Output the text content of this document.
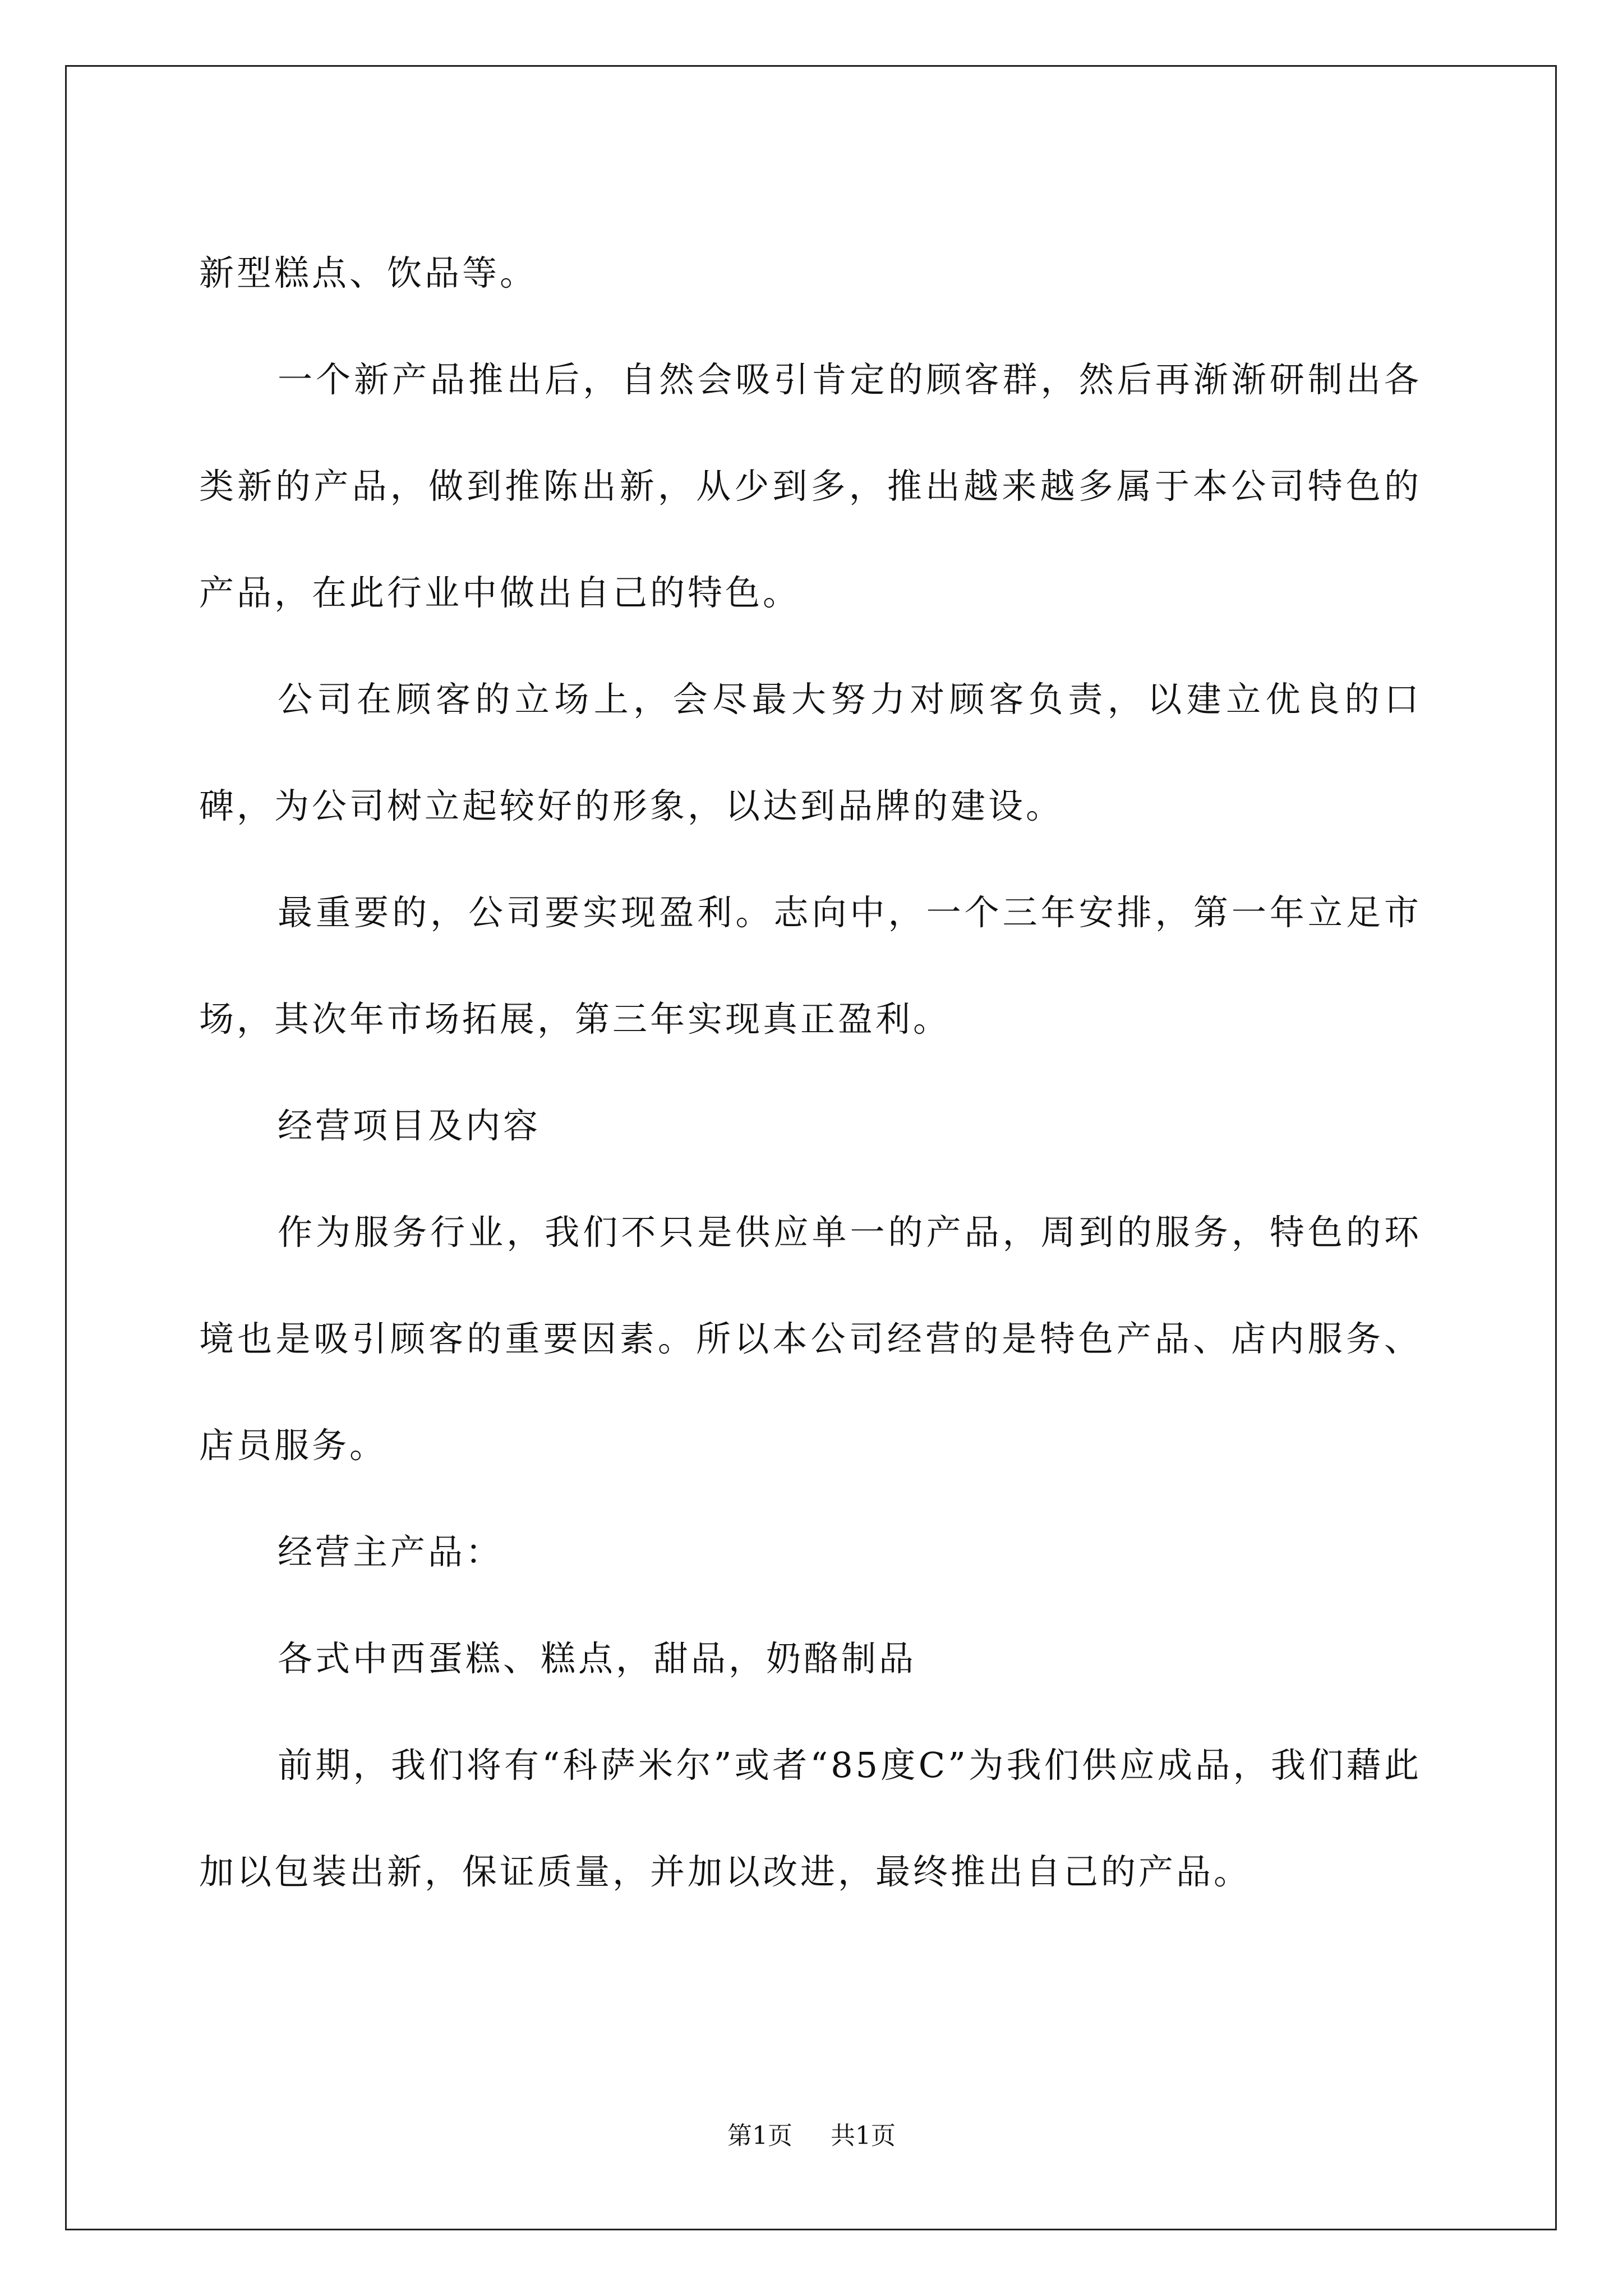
新型糕点、饮品等。

一个新产品推出后，自然会吸引肯定的顾客群，然后再渐渐研制出各类新的产品，做到推陈出新，从少到多，推出越来越多属于本公司特色的产品，在此行业中做出自己的特色。

公司在顾客的立场上，会尽最大努力对顾客负责，以建立优良的口碑，为公司树立起较好的形象，以达到品牌的建设。

最重要的，公司要实现盈利。志向中，一个三年安排，第一年立足市场，其次年市场拓展，第三年实现真正盈利。

经营项目及内容

作为服务行业，我们不只是供应单一的产品，周到的服务，特色的环境也是吸引顾客的重要因素。所以本公司经营的是特色产品、店内服务、店员服务。

经营主产品：

各式中西蛋糕、糕点，甜品，奶酪制品

前期，我们将有“科萨米尔”或者“85度C”为我们供应成品，我们藉此加以包装出新，保证质量，并加以改进，最终推出自己的产品。

第1页 共1页
